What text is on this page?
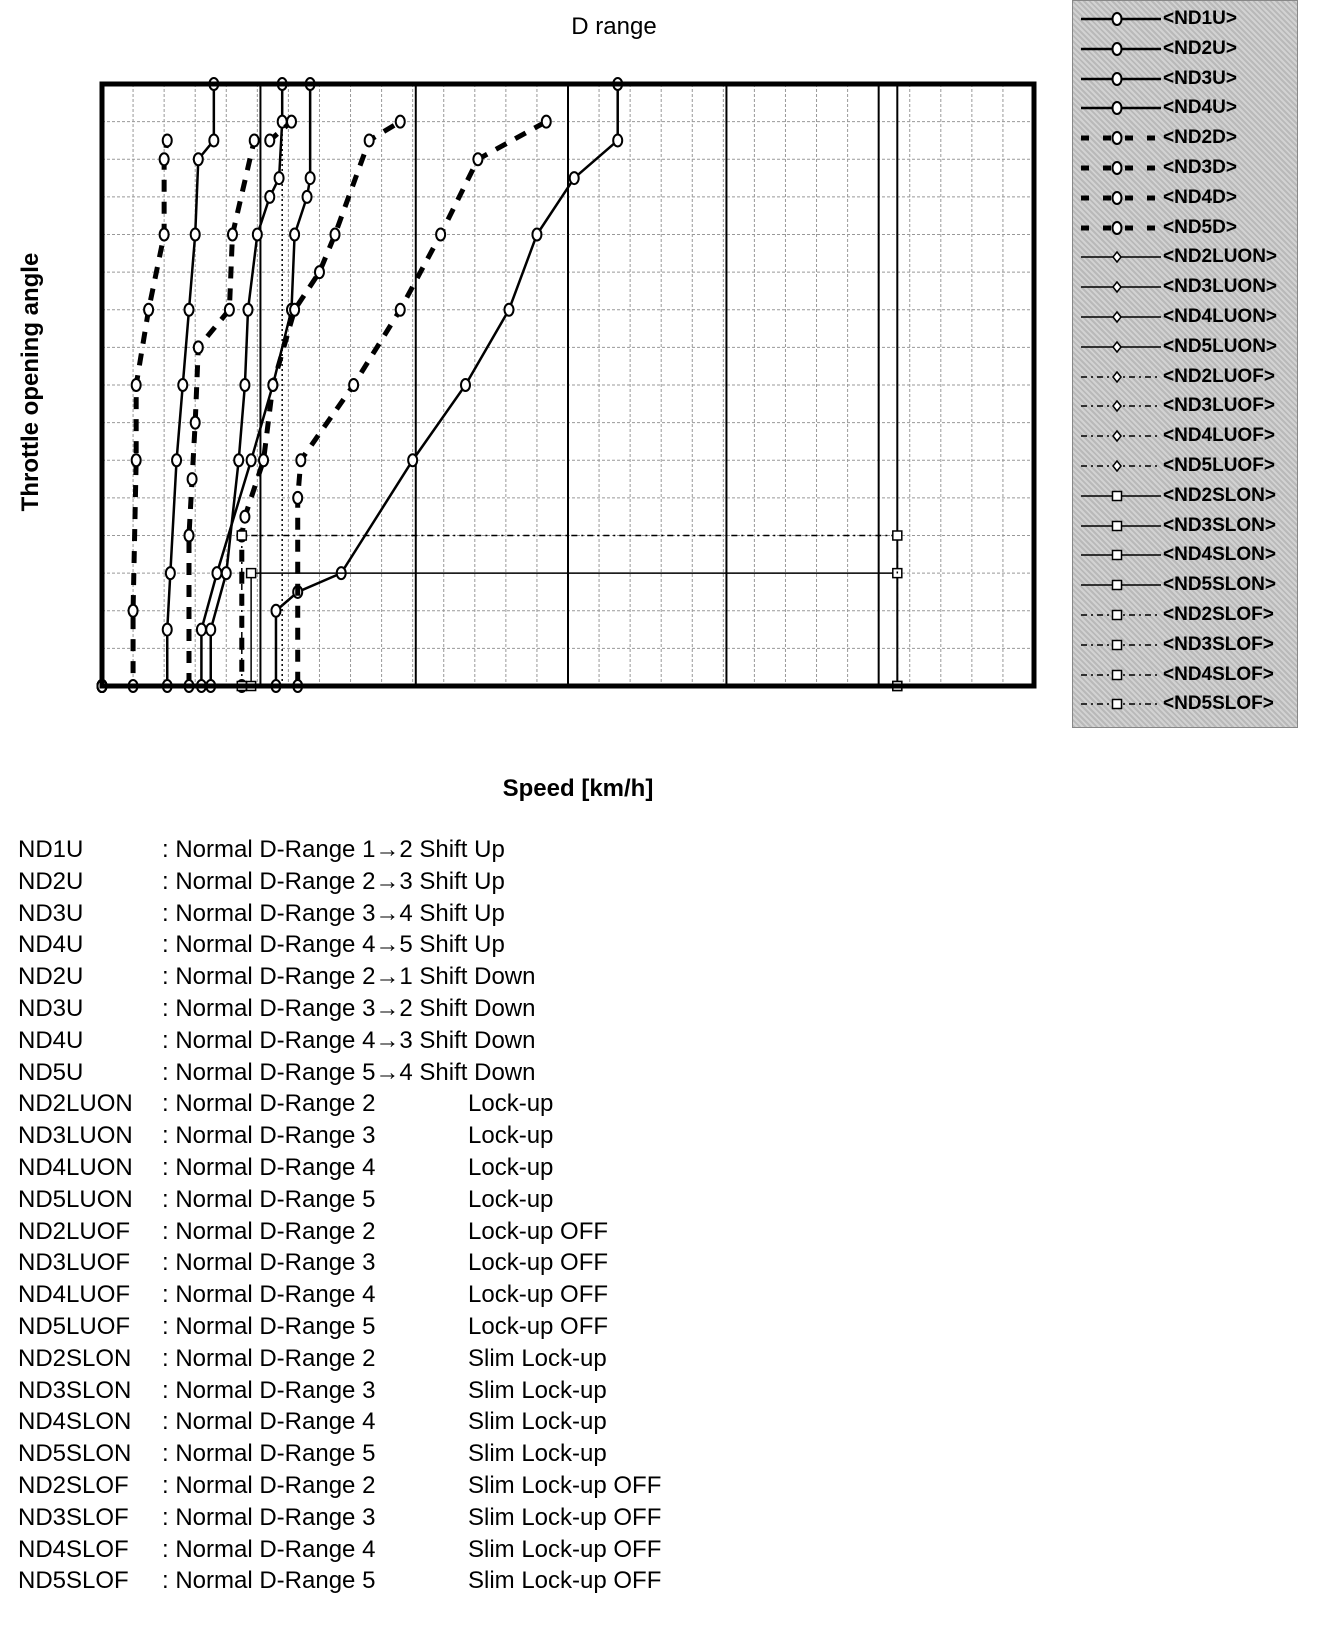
D range
Throttle opening angle
Speed [km/h]
<ND1U>
<ND2U>
<ND3U>
<ND4U>
<ND2D>
<ND3D>
<ND4D>
<ND5D>
<ND2LUON>
<ND3LUON>
<ND4LUON>
<ND5LUON>
<ND2LUOF>
<ND3LUOF>
<ND4LUOF>
<ND5LUOF>
<ND2SLON>
<ND3SLON>
<ND4SLON>
<ND5SLON>
<ND2SLOF>
<ND3SLOF>
<ND4SLOF>
<ND5SLOF>
ND1U	: Normal D-Range 1→2 Shift Up
ND2U	: Normal D-Range 2→3 Shift Up
ND3U	: Normal D-Range 3→4 Shift Up
ND4U	: Normal D-Range 4→5 Shift Up
ND2U	: Normal D-Range 2→1 Shift Down
ND3U	: Normal D-Range 3→2 Shift Down
ND4U	: Normal D-Range 4→3 Shift Down
ND5U	: Normal D-Range 5→4 Shift Down
ND2LUON : Normal D-Range 2	Lock-up
ND3LUON : Normal D-Range 3	Lock-up
ND4LUON : Normal D-Range 4	Lock-up
ND5LUON : Normal D-Range 5	Lock-up
ND2LUOF : Normal D-Range 2	Lock-up OFF
ND3LUOF : Normal D-Range 3	Lock-up OFF
ND4LUOF : Normal D-Range 4	Lock-up OFF
ND5LUOF : Normal D-Range 5	Lock-up OFF
ND2SLON : Normal D-Range 2	Slim Lock-up
ND3SLON : Normal D-Range 3	Slim Lock-up
ND4SLON : Normal D-Range 4	Slim Lock-up
ND5SLON : Normal D-Range 5	Slim Lock-up
ND2SLOF : Normal D-Range 2	Slim Lock-up OFF
ND3SLOF : Normal D-Range 3	Slim Lock-up OFF
ND4SLOF : Normal D-Range 4	Slim Lock-up OFF
ND5SLOF : Normal D-Range 5	Slim Lock-up OFF
